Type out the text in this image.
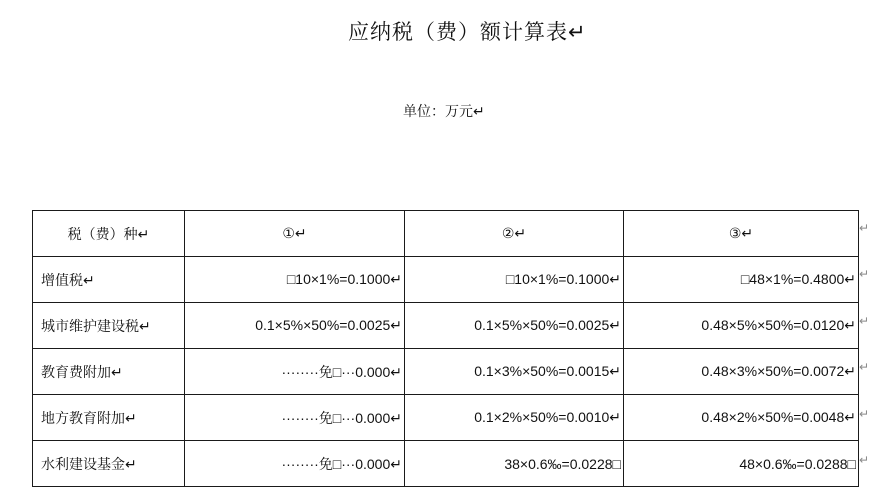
应纳税（费）额计算表↵
单位：万元↵
税（费）种↵	①↵	②↵	③↵
增值税↵	□10×1%=0.1000↵	□10×1%=0.1000↵	□48×1%=0.4800↵
城市维护建设税↵	0.1×5%×50%=0.0025↵	0.1×5%×50%=0.0025↵	0.48×5%×50%=0.0120↵
教育费附加↵	········免□···0.000↵	0.1×3%×50%=0.0015↵	0.48×3%×50%=0.0072↵
地方教育附加↵	········免□···0.000↵	0.1×2%×50%=0.0010↵	0.48×2%×50%=0.0048↵
水利建设基金↵	········免□···0.000↵	38×0.6‰=0.0228□	48×0.6‰=0.0288□
↵
↵
↵
↵
↵
↵
